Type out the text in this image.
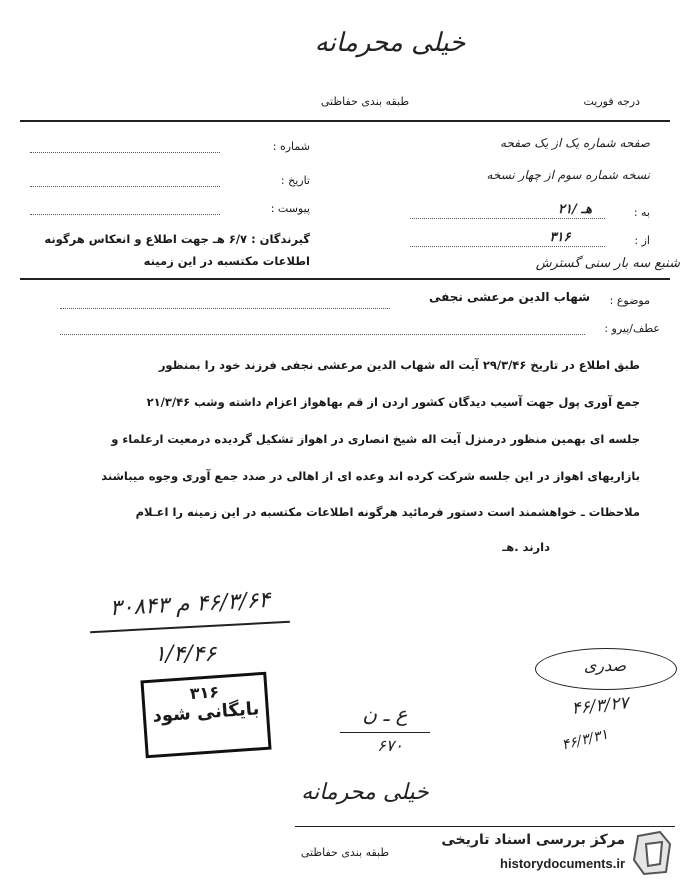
خیلی محرمانه
طبقه بندی حفاظتی	درجه فوریت
شماره :
تاریخ :
پیوست :
گیرندگان : ۶/۷ هـ جهت اطلاع و انعکاس هرگونه اطلاعات مکتسبه در این زمینه
صفحه شماره یک از یک صفحه
نسخه شماره سوم از چهار نسخه
به :
۲۱/ هـ
از :
۳۱۶
شنبع سه بار سنی گسترش
موضوع :
شهاب الدین مرعشی نجفی
عطف/پیرو :
طبق اطلاع در تاریخ ۲۹/۳/۴۶ آیت اله شهاب الدین مرعشی نجفی فرزند خود را بمنظور
جمع آوری پول جهت آسیب دیدگان کشور اردن از قم بهاهواز اعزام داشته وشب ۲۱/۳/۴۶
جلسه ای بهمین منظور درمنزل آیت اله شیخ انصاری در اهواز تشکیل گردیده درمعیت ارعلماء و
بازاریهای اهواز در این جلسه شرکت کرده اند وعده ای از اهالی در صدد جمع آوری وجوه میباشند
ملاحظات ـ خواهشمند است دستور فرمائید هرگونه اطلاعات مکتسبه در این زمینه را اعـلام
دارند .هـ
۴۶/۳/۶۴ م ۳۰۸۴۳
۱/۴/۴۶
۳۱۶
بایگانی شود	ع ـ ن
۶۷۰
صدری
۴۶/۳/۲۷
۴۶/۳/۳۱
خیلی محرمانه
طبقه بندی حفاظتی
مرکز بررسی اسناد تاریخی
historydocuments.ir
